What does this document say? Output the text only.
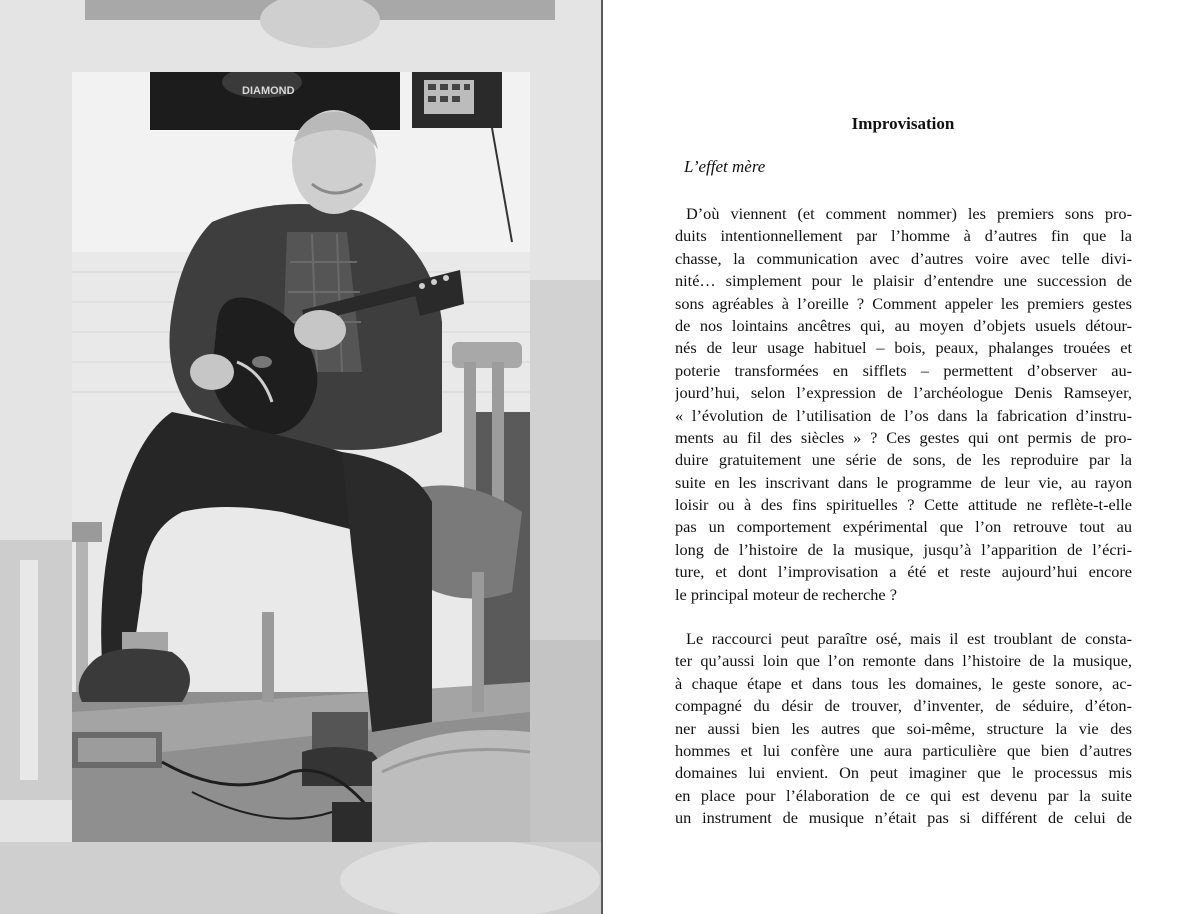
DIAMOND
Improvisation

L’effet mère

D’où viennent (et comment nommer) les premiers sons pro-
duits intentionnellement par l’homme à d’autres fin que la
chasse, la communication avec d’autres voire avec telle divi-
nité… simplement pour le plaisir d’entendre une succession de
sons agréables à l’oreille ? Comment appeler les premiers gestes
de nos lointains ancêtres qui, au moyen d’objets usuels détour-
nés de leur usage habituel – bois, peaux, phalanges trouées et
poterie transformées en sifflets – permettent d’observer au-
jourd’hui, selon l’expression de l’archéologue Denis Ramseyer,
« l’évolution de l’utilisation de l’os dans la fabrication d’instru-
ments au fil des siècles » ? Ces gestes qui ont permis de pro-
duire gratuitement une série de sons, de les reproduire par la
suite en les inscrivant dans le programme de leur vie, au rayon
loisir ou à des fins spirituelles ? Cette attitude ne reflète-t-elle
pas un comportement expérimental que l’on retrouve tout au
long de l’histoire de la musique, jusqu’à l’apparition de l’écri-
ture, et dont l’improvisation a été et reste aujourd’hui encore
le principal moteur de recherche ?
Le raccourci peut paraître osé, mais il est troublant de consta-
ter qu’aussi loin que l’on remonte dans l’histoire de la musique,
à chaque étape et dans tous les domaines, le geste sonore, ac-
compagné du désir de trouver, d’inventer, de séduire, d’éton-
ner aussi bien les autres que soi-même, structure la vie des
hommes et lui confère une aura particulière que bien d’autres
domaines lui envient. On peut imaginer que le processus mis
en place pour l’élaboration de ce qui est devenu par la suite
un instrument de musique n’était pas si différent de celui de
